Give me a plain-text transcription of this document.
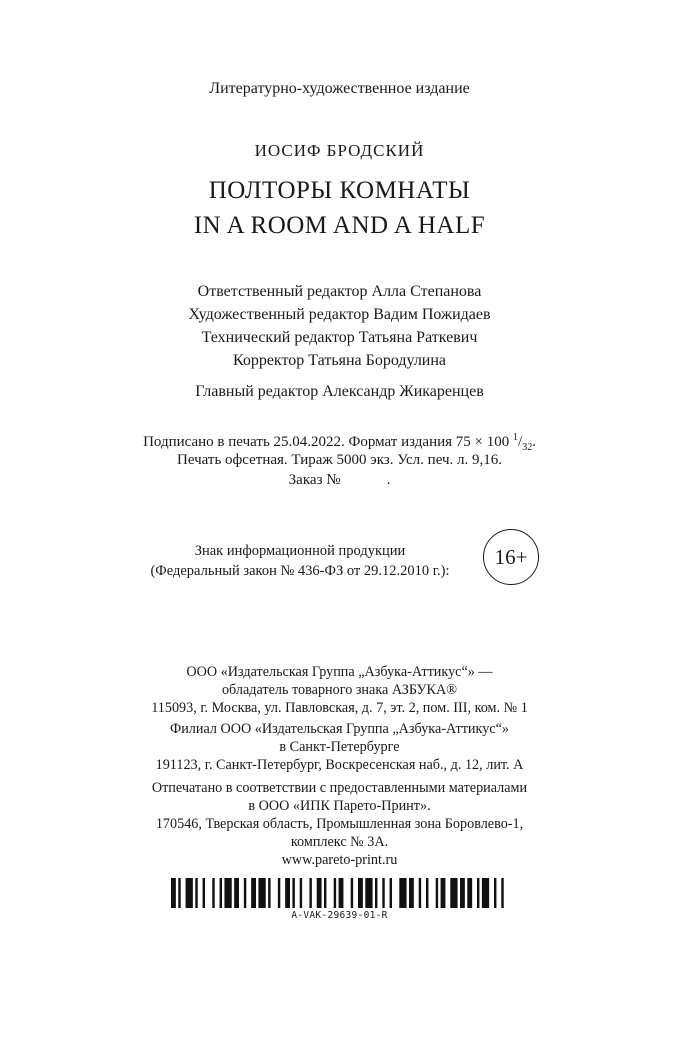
Литературно-художественное издание
ИОСИФ БРОДСКИЙ
ПОЛТОРЫ КОМНАТЫ
IN A ROOM AND A HALF
Ответственный редактор Алла Степанова
Художественный редактор Вадим Пожидаев
Технический редактор Татьяна Раткевич
Корректор Татьяна Бородулина
Главный редактор Александр Жикаренцев
Подписано в печать 25.04.2022. Формат издания 75 × 100 $^1/_{32}$.
Печать офсетная. Тираж 5000 экз. Усл. печ. л. 9,16.
Заказ №	.
Знак информационной продукции
(Федеральный закон № 436-ФЗ от 29.12.2010 г.):
16+
ООО «Издательская Группа „Азбука-Аттикус“» —
обладатель товарного знака АЗБУКА®
115093, г. Москва, ул. Павловская, д. 7, эт. 2, пом. III, ком. № 1
Филиал ООО «Издательская Группа „Азбука-Аттикус“»
в Санкт-Петербурге
191123, г. Санкт-Петербург, Воскресенская наб., д. 12, лит. А
Отпечатано в соответствии с предоставленными материалами
в ООО «ИПК Парето-Принт».
170546, Тверская область, Промышленная зона Боровлево-1,
комплекс № 3А.
www.pareto-print.ru
A-VAK-29639-01-R
